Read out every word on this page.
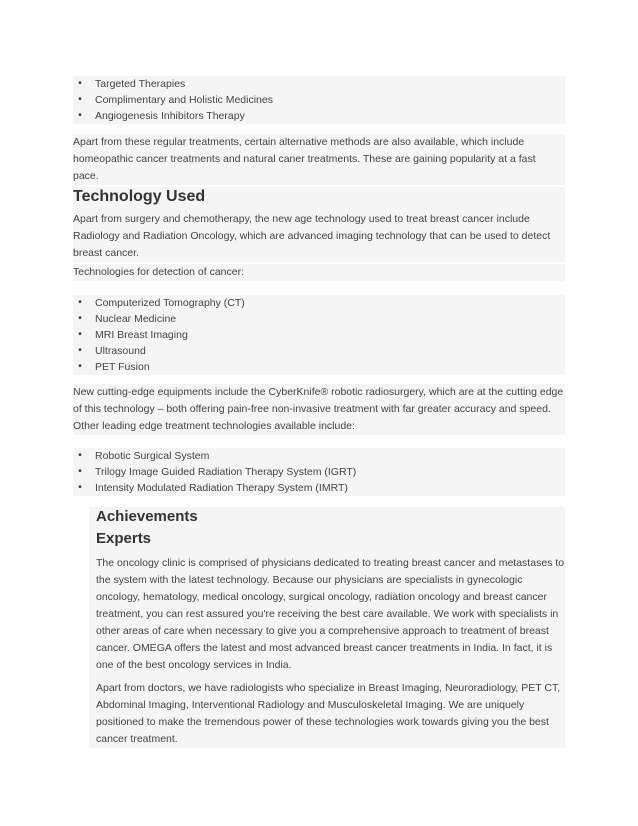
• Targeted Therapies
• Complimentary and Holistic Medicines
• Angiogenesis Inhibitors Therapy

Apart from these regular treatments, certain alternative methods are also available, which include
homeopathic cancer treatments and natural caner treatments. These are gaining popularity at a fast
pace.

Technology Used

Apart from surgery and chemotherapy, the new age technology used to treat breast cancer include
Radiology and Radiation Oncology, which are advanced imaging technology that can be used to detect
breast cancer.

Technologies for detection of cancer:

• Computerized Tomography (CT)
• Nuclear Medicine
• MRI Breast Imaging
• Ultrasound
• PET Fusion

New cutting-edge equipments include the CyberKnife® robotic radiosurgery, which are at the cutting edge
of this technology – both offering pain-free non-invasive treatment with far greater accuracy and speed.
Other leading edge treatment technologies available include:

• Robotic Surgical System
• Trilogy Image Guided Radiation Therapy System (IGRT)
• Intensity Modulated Radiation Therapy System (IMRT)
Achievements
Experts

The oncology clinic is comprised of physicians dedicated to treating breast cancer and metastases to
the system with the latest technology. Because our physicians are specialists in gynecologic
oncology, hematology, medical oncology, surgical oncology, radiation oncology and breast cancer
treatment, you can rest assured you're receiving the best care available. We work with specialists in
other areas of care when necessary to give you a comprehensive approach to treatment of breast
cancer. OMEGA offers the latest and most advanced breast cancer treatments in India. In fact, it is
one of the best oncology services in India.

Apart from doctors, we have radiologists who specialize in Breast Imaging, Neuroradiology, PET CT,
Abdominal Imaging, Interventional Radiology and Musculoskeletal Imaging. We are uniquely
positioned to make the tremendous power of these technologies work towards giving you the best
cancer treatment.
